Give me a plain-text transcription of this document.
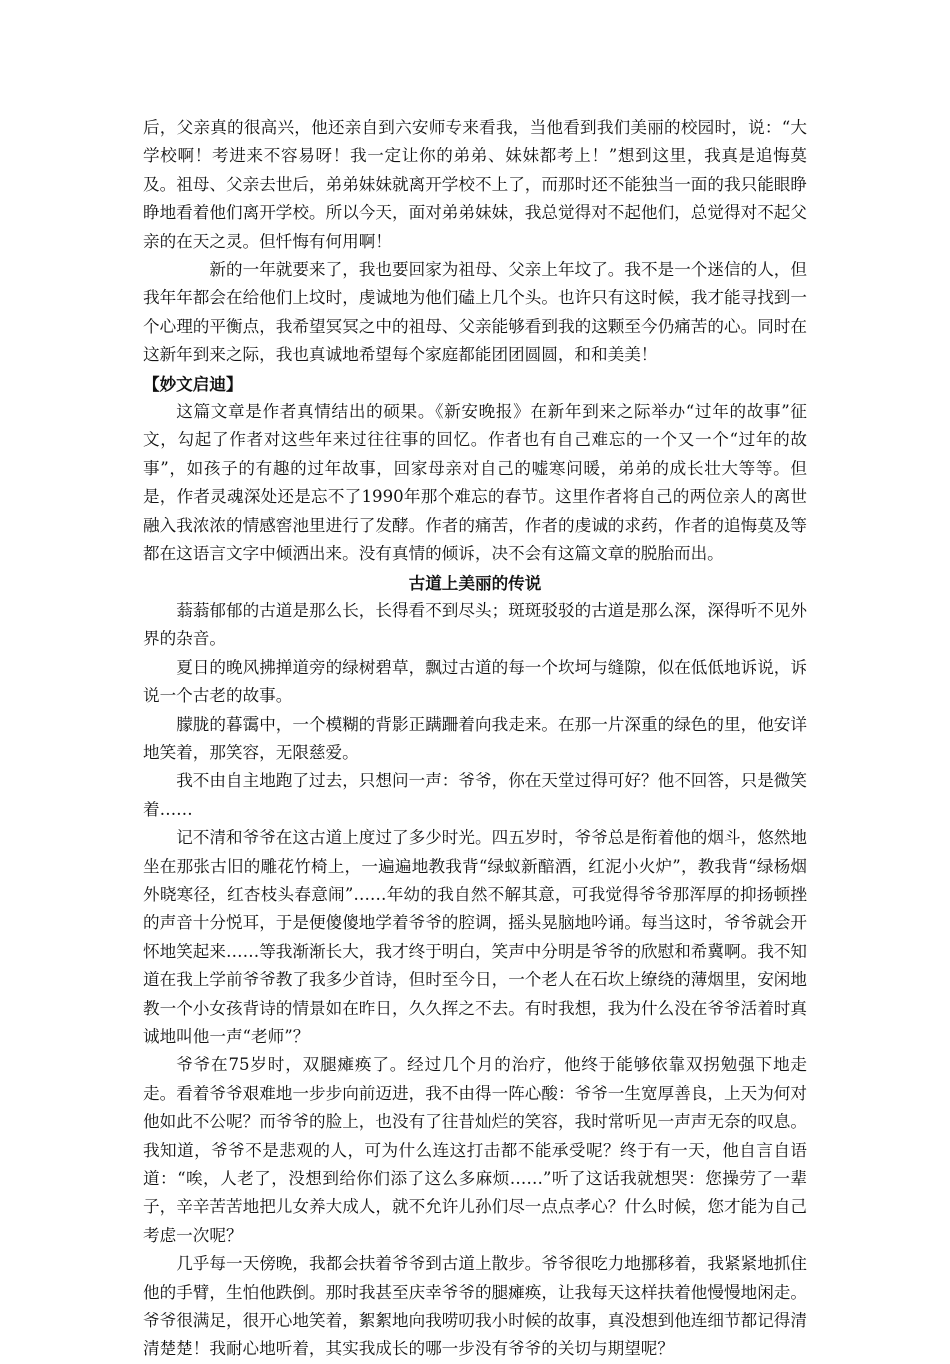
后，父亲真的很高兴，他还亲自到六安师专来看我，当他看到我们美丽的校园时，说：“大学校啊！考进来不容易呀！我一定让你的弟弟、妹妹都考上！”想到这里，我真是追悔莫及。祖母、父亲去世后，弟弟妹妹就离开学校不上了，而那时还不能独当一面的我只能眼睁睁地看着他们离开学校。所以今天，面对弟弟妹妹，我总觉得对不起他们，总觉得对不起父亲的在天之灵。但忏悔有何用啊！

新的一年就要来了，我也要回家为祖母、父亲上年坟了。我不是一个迷信的人，但我年年都会在给他们上坟时，虔诚地为他们磕上几个头。也许只有这时候，我才能寻找到一个心理的平衡点，我希望冥冥之中的祖母、父亲能够看到我的这颗至今仍痛苦的心。同时在这新年到来之际，我也真诚地希望每个家庭都能团团圆圆，和和美美！

【妙文启迪】

这篇文章是作者真情结出的硕果。《新安晚报》在新年到来之际举办“过年的故事”征文，勾起了作者对这些年来过往往事的回忆。作者也有自己难忘的一个又一个“过年的故事”，如孩子的有趣的过年故事，回家母亲对自己的嘘寒问暖，弟弟的成长壮大等等。但是，作者灵魂深处还是忘不了1990年那个难忘的春节。这里作者将自己的两位亲人的离世融入我浓浓的情感窖池里进行了发酵。作者的痛苦，作者的虔诚的求药，作者的追悔莫及等都在这语言文字中倾洒出来。没有真情的倾诉，决不会有这篇文章的脱胎而出。

古道上美丽的传说

蓊蓊郁郁的古道是那么长，长得看不到尽头；斑斑驳驳的古道是那么深，深得听不见外界的杂音。

夏日的晚风拂掸道旁的绿树碧草，飘过古道的每一个坎坷与缝隙，似在低低地诉说，诉说一个古老的故事。

朦胧的暮霭中，一个模糊的背影正蹒跚着向我走来。在那一片深重的绿色的里，他安详地笑着，那笑容，无限慈爱。

我不由自主地跑了过去，只想问一声：爷爷，你在天堂过得可好？他不回答，只是微笑着……

记不清和爷爷在这古道上度过了多少时光。四五岁时，爷爷总是衔着他的烟斗，悠然地坐在那张古旧的雕花竹椅上，一遍遍地教我背“绿蚁新醅酒，红泥小火炉”，教我背“绿杨烟外晓寒径，红杏枝头春意闹”……年幼的我自然不解其意，可我觉得爷爷那浑厚的抑扬顿挫的声音十分悦耳，于是便傻傻地学着爷爷的腔调，摇头晃脑地吟诵。每当这时，爷爷就会开怀地笑起来……等我渐渐长大，我才终于明白，笑声中分明是爷爷的欣慰和希冀啊。我不知道在我上学前爷爷教了我多少首诗，但时至今日，一个老人在石坎上缭绕的薄烟里，安闲地教一个小女孩背诗的情景如在昨日，久久挥之不去。有时我想，我为什么没在爷爷活着时真诚地叫他一声“老师”？

爷爷在75岁时，双腿瘫痪了。经过几个月的治疗，他终于能够依靠双拐勉强下地走走。看着爷爷艰难地一步步向前迈进，我不由得一阵心酸：爷爷一生宽厚善良，上天为何对他如此不公呢？而爷爷的脸上，也没有了往昔灿烂的笑容，我时常听见一声声无奈的叹息。我知道，爷爷不是悲观的人，可为什么连这打击都不能承受呢？终于有一天，他自言自语道：“唉，人老了，没想到给你们添了这么多麻烦……”听了这话我就想哭：您操劳了一辈子，辛辛苦苦地把儿女养大成人，就不允许儿孙们尽一点点孝心？什么时候，您才能为自己考虑一次呢？

几乎每一天傍晚，我都会扶着爷爷到古道上散步。爷爷很吃力地挪移着，我紧紧地抓住他的手臂，生怕他跌倒。那时我甚至庆幸爷爷的腿瘫痪，让我每天这样扶着他慢慢地闲走。爷爷很满足，很开心地笑着，絮絮地向我唠叨我小时候的故事，真没想到他连细节都记得清清楚楚！我耐心地听着，其实我成长的哪一步没有爷爷的关切与期望呢？
